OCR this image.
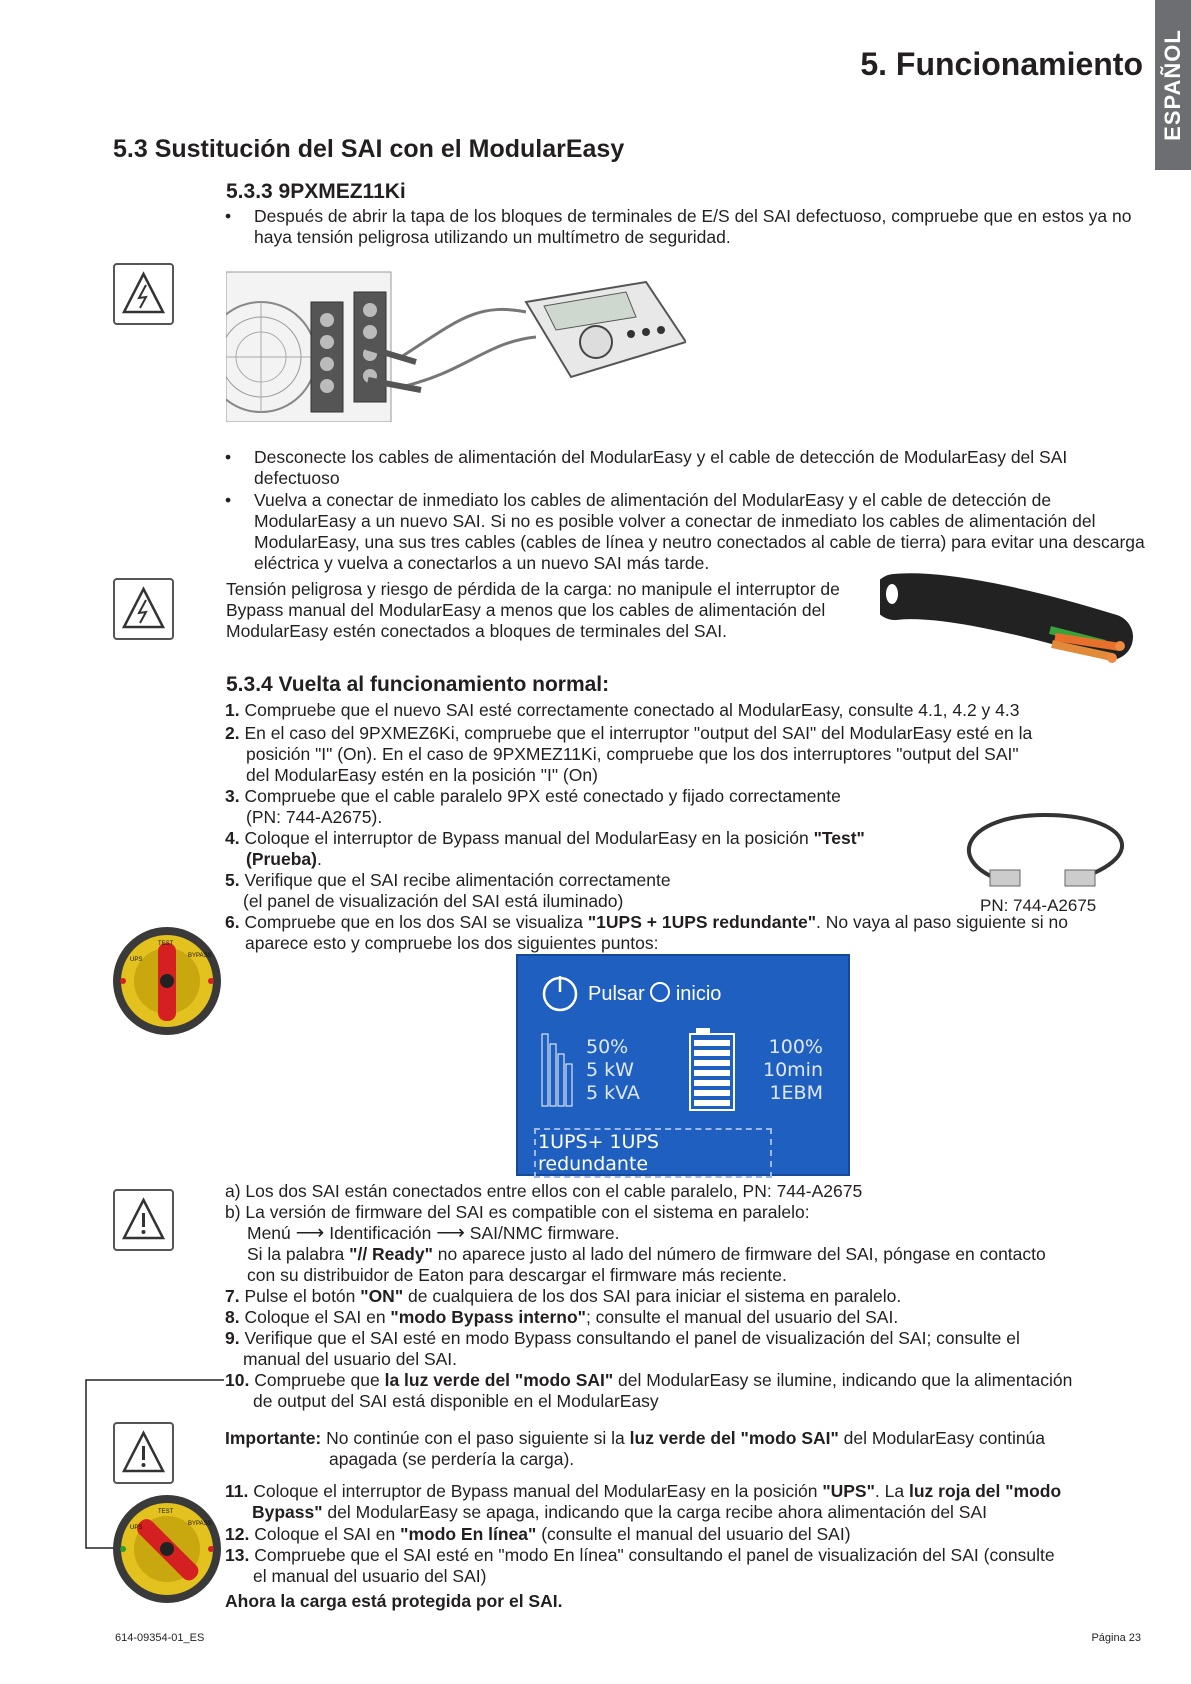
ESPAÑOL
5. Funcionamiento
5.3 Sustitución del SAI con el ModularEasy
5.3.3 9PXMEZ11Ki
• Después de abrir la tapa de los bloques de terminales de E/S del SAI defectuoso, compruebe que en estos ya no haya tensión peligrosa utilizando un multímetro de seguridad.
• Desconecte los cables de alimentación del ModularEasy y el cable de detección de ModularEasy del SAI defectuoso
• Vuelva a conectar de inmediato los cables de alimentación del ModularEasy y el cable de detección de ModularEasy a un nuevo SAI. Si no es posible volver a conectar de inmediato los cables de alimentación del ModularEasy, una sus tres cables (cables de línea y neutro conectados al cable de tierra) para evitar una descarga eléctrica y vuelva a conectarlos a un nuevo SAI más tarde.
Tensión peligrosa y riesgo de pérdida de la carga: no manipule el interruptor de Bypass manual del ModularEasy a menos que los cables de alimentación del ModularEasy estén conectados a bloques de terminales del SAI.
5.3.4 Vuelta al funcionamiento normal:
1. Compruebe que el nuevo SAI esté correctamente conectado al ModularEasy, consulte 4.1, 4.2 y 4.3
2. En el caso del 9PXMEZ6Ki, compruebe que el interruptor "output del SAI" del ModularEasy esté en la
posición "I" (On). En el caso de 9PXMEZ11Ki, compruebe que los dos interruptores "output del SAI"
del ModularEasy estén en la posición "I" (On)
3. Compruebe que el cable paralelo 9PX esté conectado y fijado correctamente
(PN: 744-A2675).
4. Coloque el interruptor de Bypass manual del ModularEasy en la posición "Test"
(Prueba).
5. Verifique que el SAI recibe alimentación correctamente
(el panel de visualización del SAI está iluminado)	PN: 744-A2675
6. Compruebe que en los dos SAI se visualiza "1UPS + 1UPS redundante". No vaya al paso siguiente si no
aparece esto y compruebe los dos siguientes puntos:
UPS
TEST
BYPASS
Pulsar inicio
50%
5 kW
5 kVA
100%
10min
1EBM
1UPS+ 1UPS redundante
a) Los dos SAI están conectados entre ellos con el cable paralelo, PN: 744-A2675
b) La versión de firmware del SAI es compatible con el sistema en paralelo:
Menú ⟶ Identificación ⟶ SAI/NMC firmware.
Si la palabra "// Ready" no aparece justo al lado del número de firmware del SAI, póngase en contacto
con su distribuidor de Eaton para descargar el firmware más reciente.
7. Pulse el botón "ON" de cualquiera de los dos SAI para iniciar el sistema en paralelo.
8. Coloque el SAI en "modo Bypass interno"; consulte el manual del usuario del SAI.
9. Verifique que el SAI esté en modo Bypass consultando el panel de visualización del SAI; consulte el
manual del usuario del SAI.
10. Compruebe que la luz verde del "modo SAI" del ModularEasy se ilumine, indicando que la alimentación
de output del SAI está disponible en el ModularEasy
Importante: No continúe con el paso siguiente si la luz verde del "modo SAI" del ModularEasy continúa
apagada (se perdería la carga).
11. Coloque el interruptor de Bypass manual del ModularEasy en la posición "UPS". La luz roja del "modo
Bypass" del ModularEasy se apaga, indicando que la carga recibe ahora alimentación del SAI
12. Coloque el SAI en "modo En línea" (consulte el manual del usuario del SAI)
13. Compruebe que el SAI esté en "modo En línea" consultando el panel de visualización del SAI (consulte
el manual del usuario del SAI)
Ahora la carga está protegida por el SAI.
UPS
TEST
BYPASS
614-09354-01_ES	Página 23
